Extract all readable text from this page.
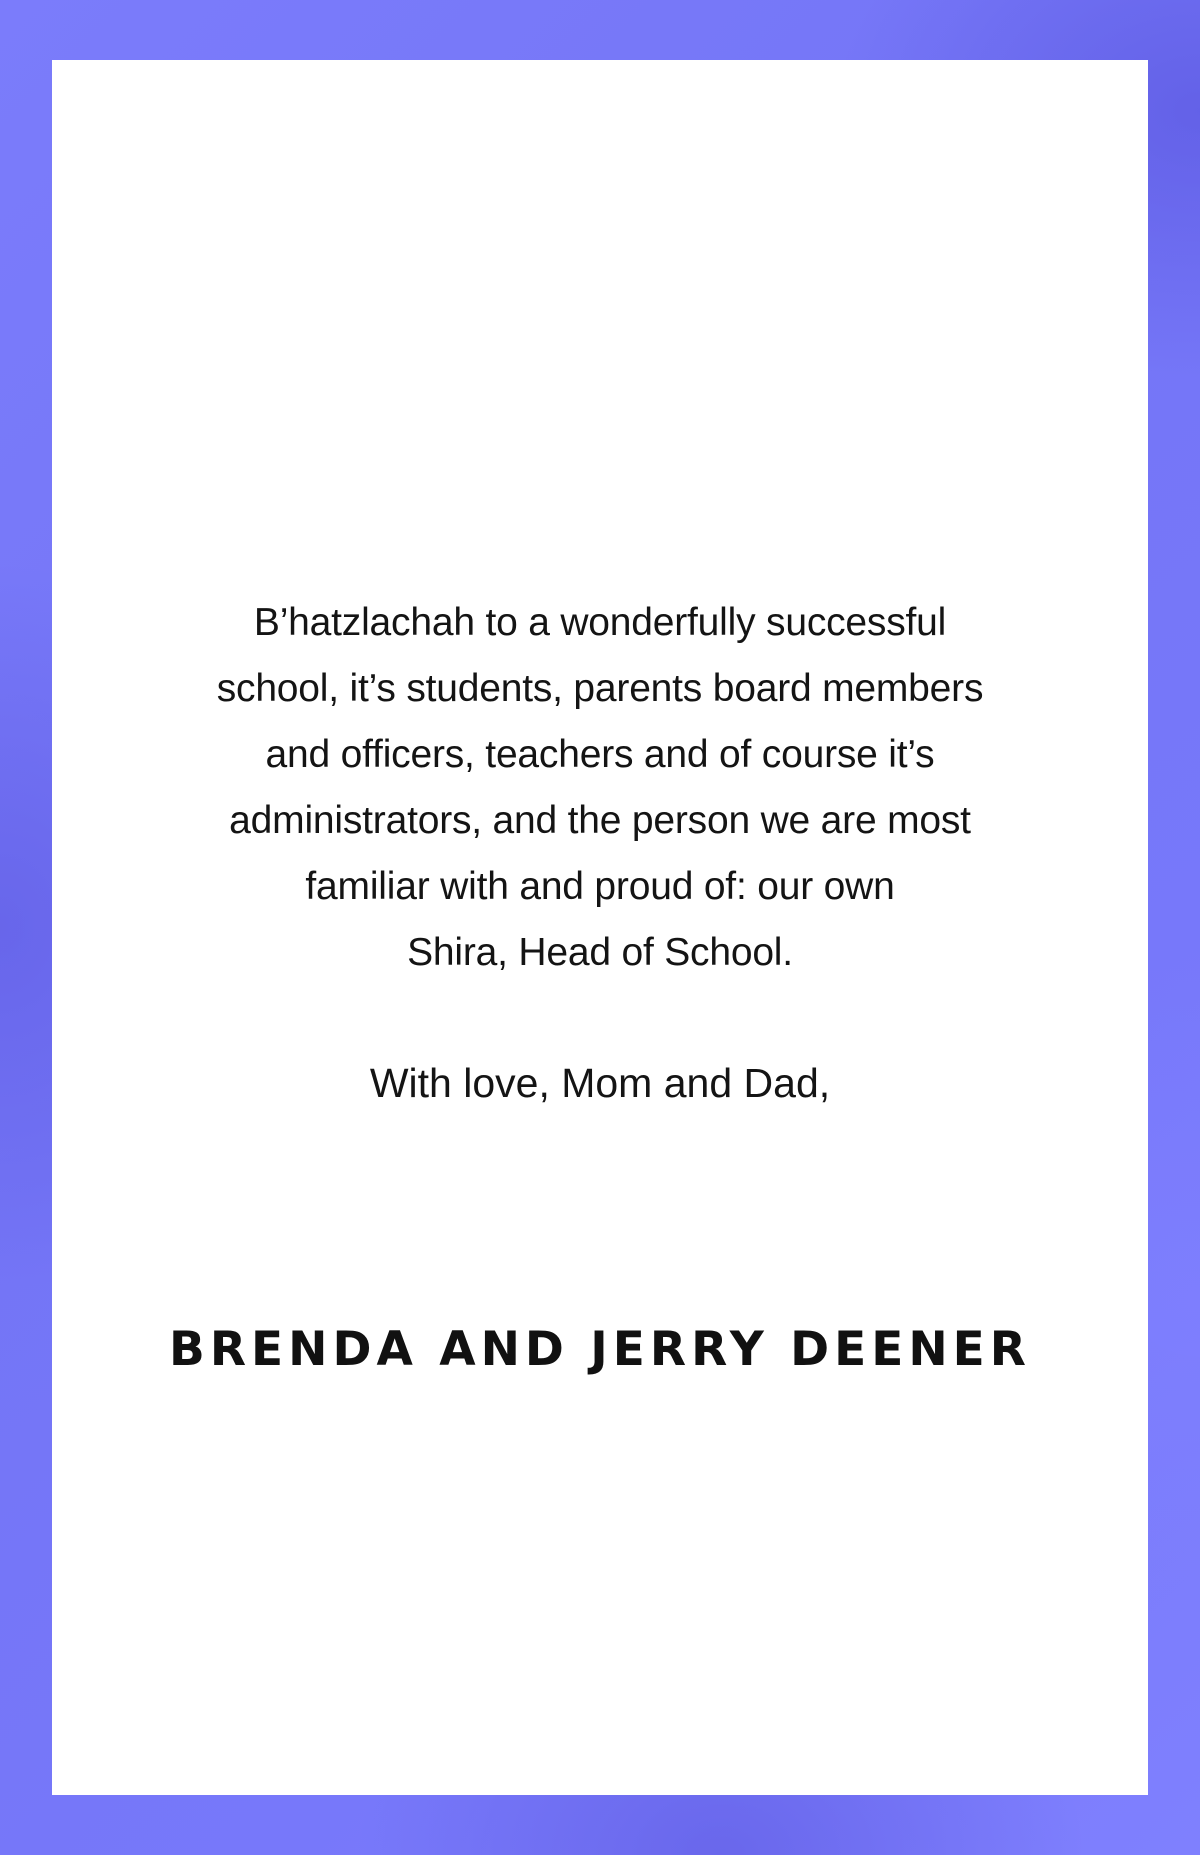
B’hatzlachah to a wonderfully successful
school, it’s students, parents board members
and officers, teachers and of course it’s
administrators, and the person we are most
familiar with and proud of: our own
Shira, Head of School.

With love, Mom and Dad,

BRENDA AND JERRY DEENER
